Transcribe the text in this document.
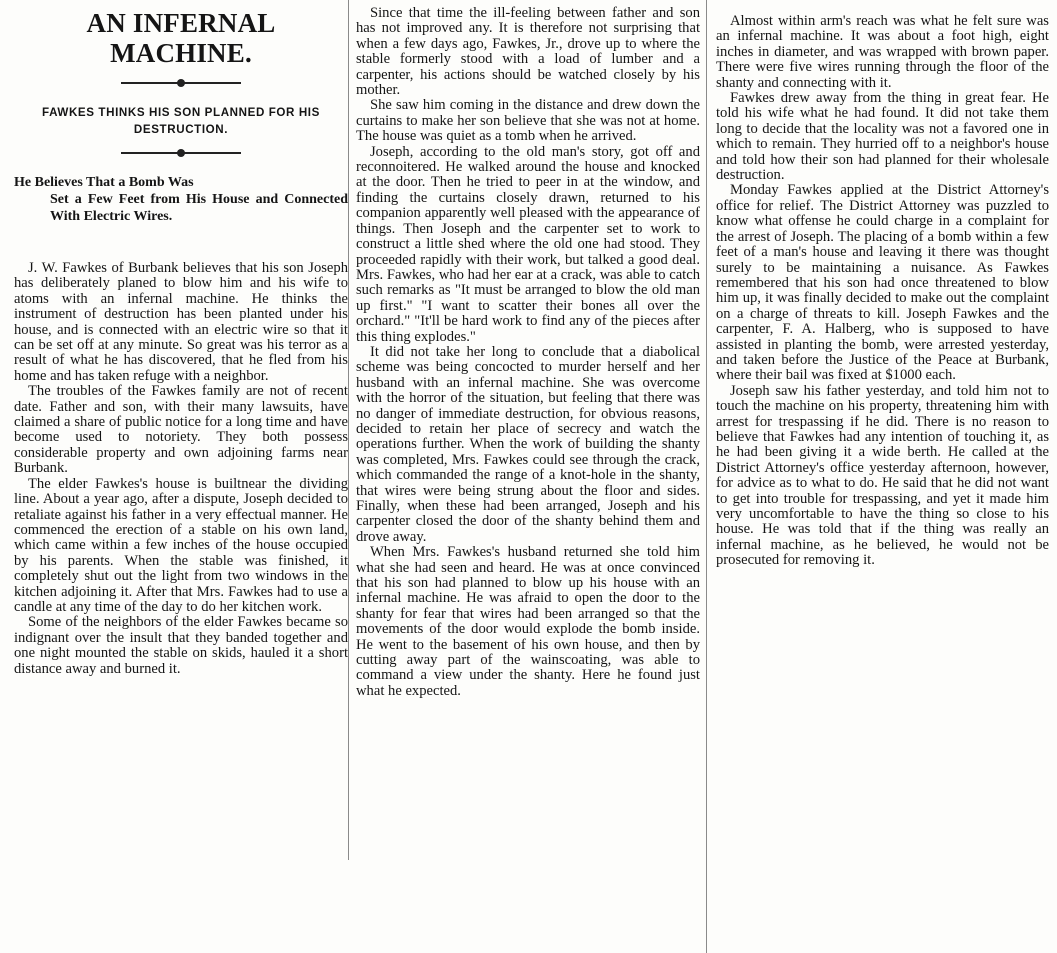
AN INFERNAL MACHINE.
FAWKES THINKS HIS SON PLANNED FOR HIS DESTRUCTION.
He Believes That a Bomb Was
Set a Few Feet from His House and Connected With Electric Wires.

J. W. Fawkes of Burbank believes that his son Joseph has deliberately planed to blow him and his wife to atoms with an infernal machine. He thinks the instrument of destruction has been planted under his house, and is connected with an electric wire so that it can be set off at any minute. So great was his terror as a result of what he has discovered, that he fled from his home and has taken refuge with a neighbor.

The troubles of the Fawkes family are not of recent date. Father and son, with their many lawsuits, have claimed a share of public notice for a long time and have become used to notoriety. They both possess considerable property and own adjoining farms near Burbank.

The elder Fawkes's house is builtnear the dividing line. About a year ago, after a dispute, Joseph decided to retaliate against his father in a very effectual manner. He commenced the erection of a stable on his own land, which came within a few inches of the house occupied by his parents. When the stable was finished, it completely shut out the light from two windows in the kitchen adjoining it. After that Mrs. Fawkes had to use a candle at any time of the day to do her kitchen work.

Some of the neighbors of the elder Fawkes became so indignant over the insult that they banded together and one night mounted the stable on skids, hauled it a short distance away and burned it.

Since that time the ill-feeling between father and son has not improved any. It is therefore not surprising that when a few days ago, Fawkes, Jr., drove up to where the stable formerly stood with a load of lumber and a carpenter, his actions should be watched closely by his mother.

She saw him coming in the distance and drew down the curtains to make her son believe that she was not at home. The house was quiet as a tomb when he arrived.

Joseph, according to the old man's story, got off and reconnoitered. He walked around the house and knocked at the door. Then he tried to peer in at the window, and finding the curtains closely drawn, returned to his companion apparently well pleased with the appearance of things. Then Joseph and the carpenter set to work to construct a little shed where the old one had stood. They proceeded rapidly with their work, but talked a good deal. Mrs. Fawkes, who had her ear at a crack, was able to catch such remarks as "It must be arranged to blow the old man up first." "I want to scatter their bones all over the orchard." "It'll be hard work to find any of the pieces after this thing explodes."

It did not take her long to conclude that a diabolical scheme was being concocted to murder herself and her husband with an infernal machine. She was overcome with the horror of the situation, but feeling that there was no danger of immediate destruction, for obvious reasons, decided to retain her place of secrecy and watch the operations further. When the work of building the shanty was completed, Mrs. Fawkes could see through the crack, which commanded the range of a knot-hole in the shanty, that wires were being strung about the floor and sides. Finally, when these had been arranged, Joseph and his carpenter closed the door of the shanty behind them and drove away.

When Mrs. Fawkes's husband returned she told him what she had seen and heard. He was at once convinced that his son had planned to blow up his house with an infernal machine. He was afraid to open the door to the shanty for fear that wires had been arranged so that the movements of the door would explode the bomb inside. He went to the basement of his own house, and then by cutting away part of the wainscoating, was able to command a view under the shanty. Here he found just what he expected.

Almost within arm's reach was what he felt sure was an infernal machine. It was about a foot high, eight inches in diameter, and was wrapped with brown paper. There were five wires running through the floor of the shanty and connecting with it.

Fawkes drew away from the thing in great fear. He told his wife what he had found. It did not take them long to decide that the locality was not a favored one in which to remain. They hurried off to a neighbor's house and told how their son had planned for their wholesale destruction.

Monday Fawkes applied at the District Attorney's office for relief. The District Attorney was puzzled to know what offense he could charge in a complaint for the arrest of Joseph. The placing of a bomb within a few feet of a man's house and leaving it there was thought surely to be maintaining a nuisance. As Fawkes remembered that his son had once threatened to blow him up, it was finally decided to make out the complaint on a charge of threats to kill. Joseph Fawkes and the carpenter, F. A. Halberg, who is supposed to have assisted in planting the bomb, were arrested yesterday, and taken before the Justice of the Peace at Burbank, where their bail was fixed at $1000 each.

Joseph saw his father yesterday, and told him not to touch the machine on his property, threatening him with arrest for trespassing if he did. There is no reason to believe that Fawkes had any intention of touching it, as he had been giving it a wide berth. He called at the District Attorney's office yesterday afternoon, however, for advice as to what to do. He said that he did not want to get into trouble for trespassing, and yet it made him very uncomfortable to have the thing so close to his house. He was told that if the thing was really an infernal machine, as he believed, he would not be prosecuted for removing it.
